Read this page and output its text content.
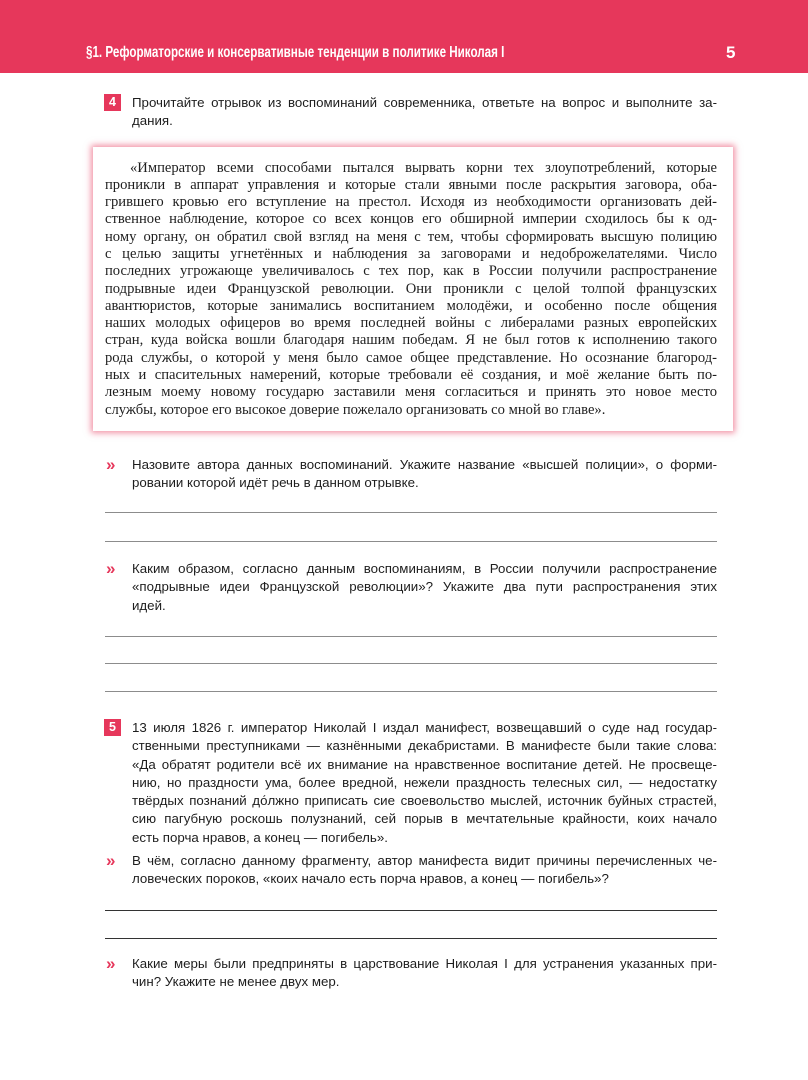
§1. Реформаторские и консервативные тенденции в политике Николая I	5
4	Прочитайте отрывок из воспоминаний современника, ответьте на вопрос и выполните за-
дания.
«Император всеми способами пытался вырвать корни тех злоупотреблений, которые
проникли в аппарат управления и которые стали явными после раскрытия заговора, оба-
грившего кровью его вступление на престол. Исходя из необходимости организовать дей-
ственное наблюдение, которое со всех концов его обширной империи сходилось бы к од-
ному органу, он обратил свой взгляд на меня с тем, чтобы сформировать высшую полицию
с целью защиты угнетённых и наблюдения за заговорами и недоброжелателями. Число
последних угрожающе увеличивалось с тех пор, как в России получили распространение
подрывные идеи Французской революции. Они проникли с целой толпой французских
авантюристов, которые занимались воспитанием молодёжи, и особенно после общения
наших молодых офицеров во время последней войны с либералами разных европейских
стран, куда войска вошли благодаря нашим победам. Я не был готов к исполнению такого
рода службы, о которой у меня было самое общее представление. Но осознание благород-
ных и спасительных намерений, которые требовали её создания, и моё желание быть по-
лезным моему новому государю заставили меня согласиться и принять это новое место
службы, которое его высокое доверие пожелало организовать со мной во главе».
» Назовите автора данных воспоминаний. Укажите название «высшей полиции», о форми-
ровании которой идёт речь в данном отрывке.
» Каким образом, согласно данным воспоминаниям, в России получили распространение
«подрывные идеи Французской революции»? Укажите два пути распространения этих
идей.
5	13 июля 1826 г. император Николай I издал манифест, возвещавший о суде над государ-
ственными преступниками — казнёнными декабристами. В манифесте были такие слова:
«Да обратят родители всё их внимание на нравственное воспитание детей. Не просвеще-
нию, но праздности ума, более вредной, нежели праздность телесных сил, — недостатку
твёрдых познаний до́лжно приписать сие своевольство мыслей, источник буйных страстей,
сию пагубную роскошь полузнаний, сей порыв в мечтательные крайности, коих начало
есть порча нравов, а конец — погибель».
» В чём, согласно данному фрагменту, автор манифеста видит причины перечисленных че-
ловеческих пороков, «коих начало есть порча нравов, а конец — погибель»?
» Какие меры были предприняты в царствование Николая I для устранения указанных при-
чин? Укажите не менее двух мер.
